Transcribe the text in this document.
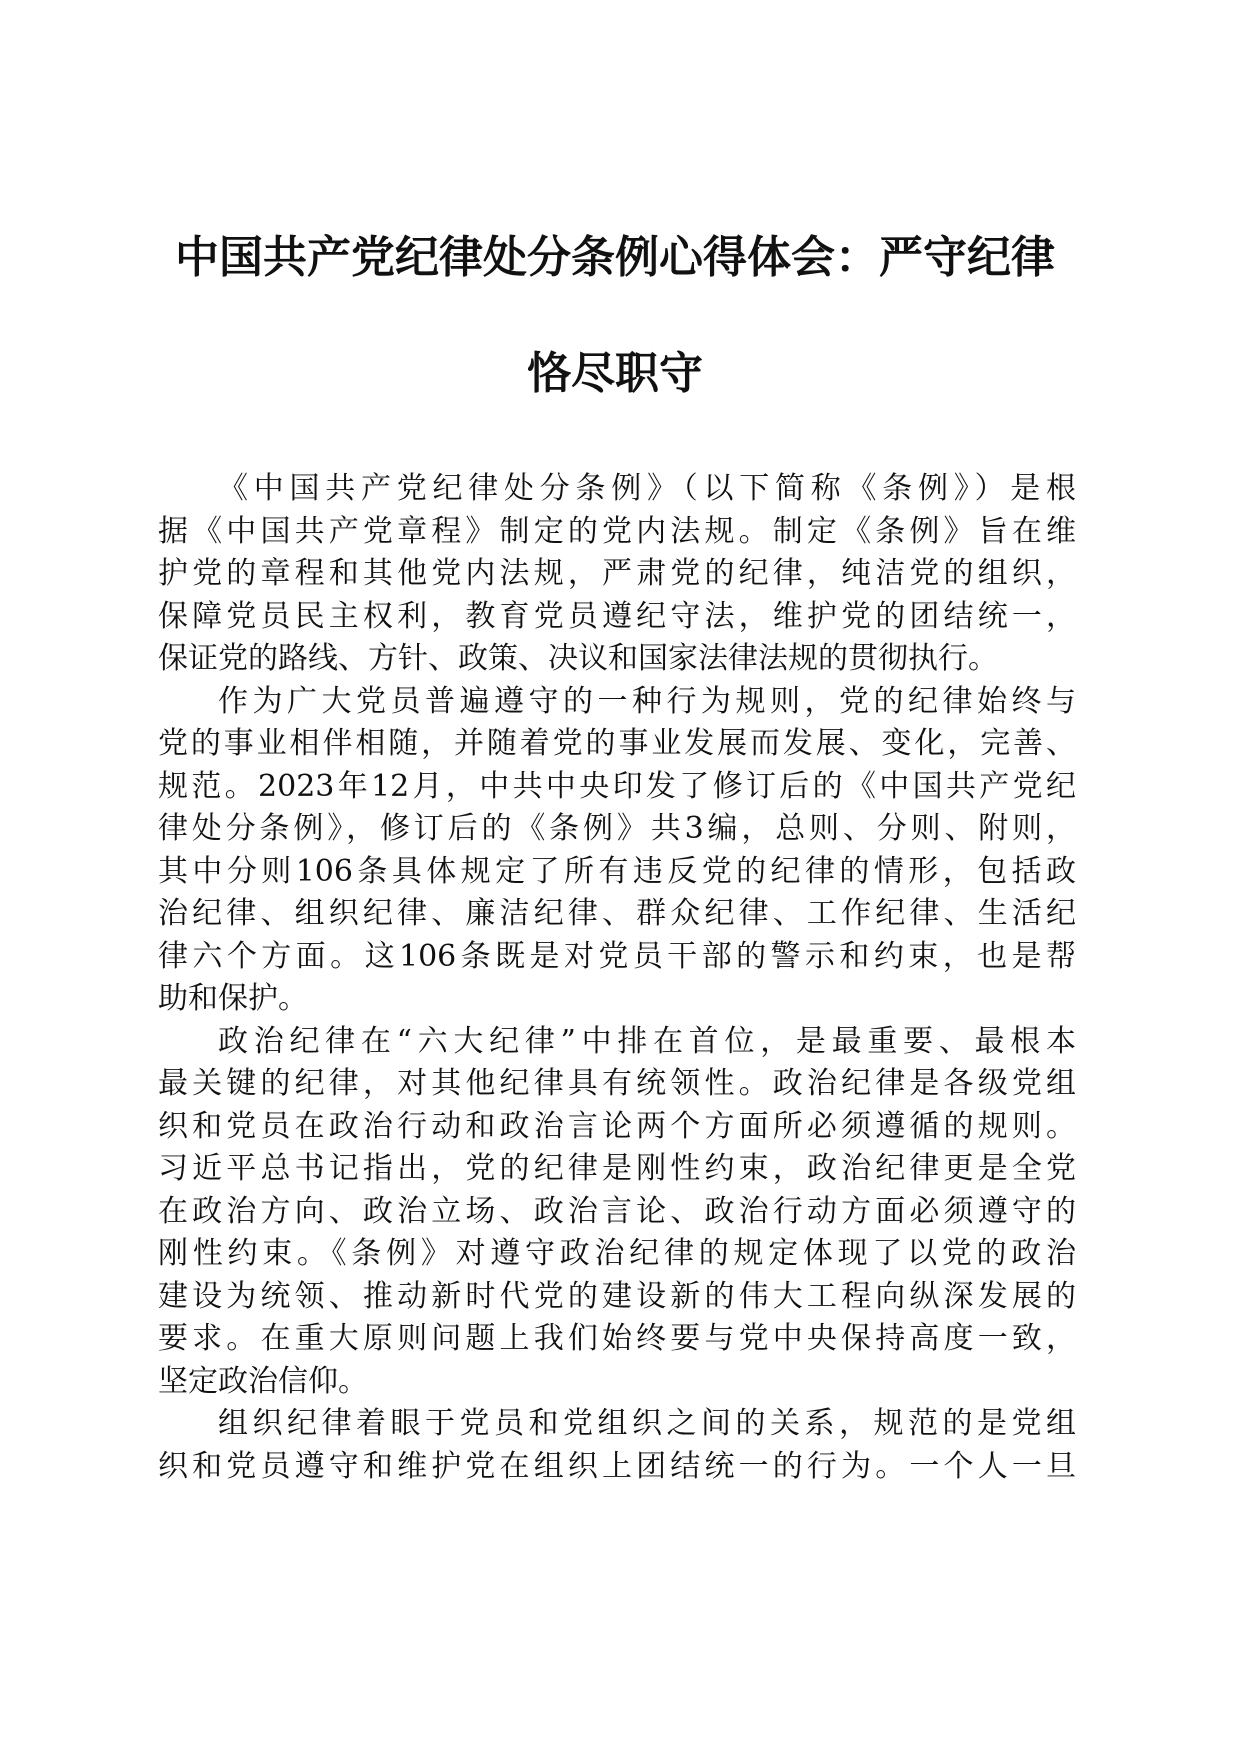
中国共产党纪律处分条例心得体会：严守纪律
恪尽职守
《中国共产党纪律处分条例》（以下简称《条例》）是根
据《中国共产党章程》制定的党内法规。制定《条例》旨在维
护党的章程和其他党内法规，严肃党的纪律，纯洁党的组织，
保障党员民主权利，教育党员遵纪守法，维护党的团结统一，
保证党的路线、方针、政策、决议和国家法律法规的贯彻执行。
作为广大党员普遍遵守的一种行为规则，党的纪律始终与
党的事业相伴相随，并随着党的事业发展而发展、变化，完善、
规范。2023年12月，中共中央印发了修订后的《中国共产党纪
律处分条例》，修订后的《条例》共3编，总则、分则、附则，
其中分则106条具体规定了所有违反党的纪律的情形，包括政
治纪律、组织纪律、廉洁纪律、群众纪律、工作纪律、生活纪
律六个方面。这106条既是对党员干部的警示和约束，也是帮
助和保护。
政治纪律在“六大纪律”中排在首位，是最重要、最根本
最关键的纪律，对其他纪律具有统领性。政治纪律是各级党组
织和党员在政治行动和政治言论两个方面所必须遵循的规则。
习近平总书记指出，党的纪律是刚性约束，政治纪律更是全党
在政治方向、政治立场、政治言论、政治行动方面必须遵守的
刚性约束。《条例》对遵守政治纪律的规定体现了以党的政治
建设为统领、推动新时代党的建设新的伟大工程向纵深发展的
要求。在重大原则问题上我们始终要与党中央保持高度一致，
坚定政治信仰。
组织纪律着眼于党员和党组织之间的关系，规范的是党组
织和党员遵守和维护党在组织上团结统一的行为。一个人一旦
